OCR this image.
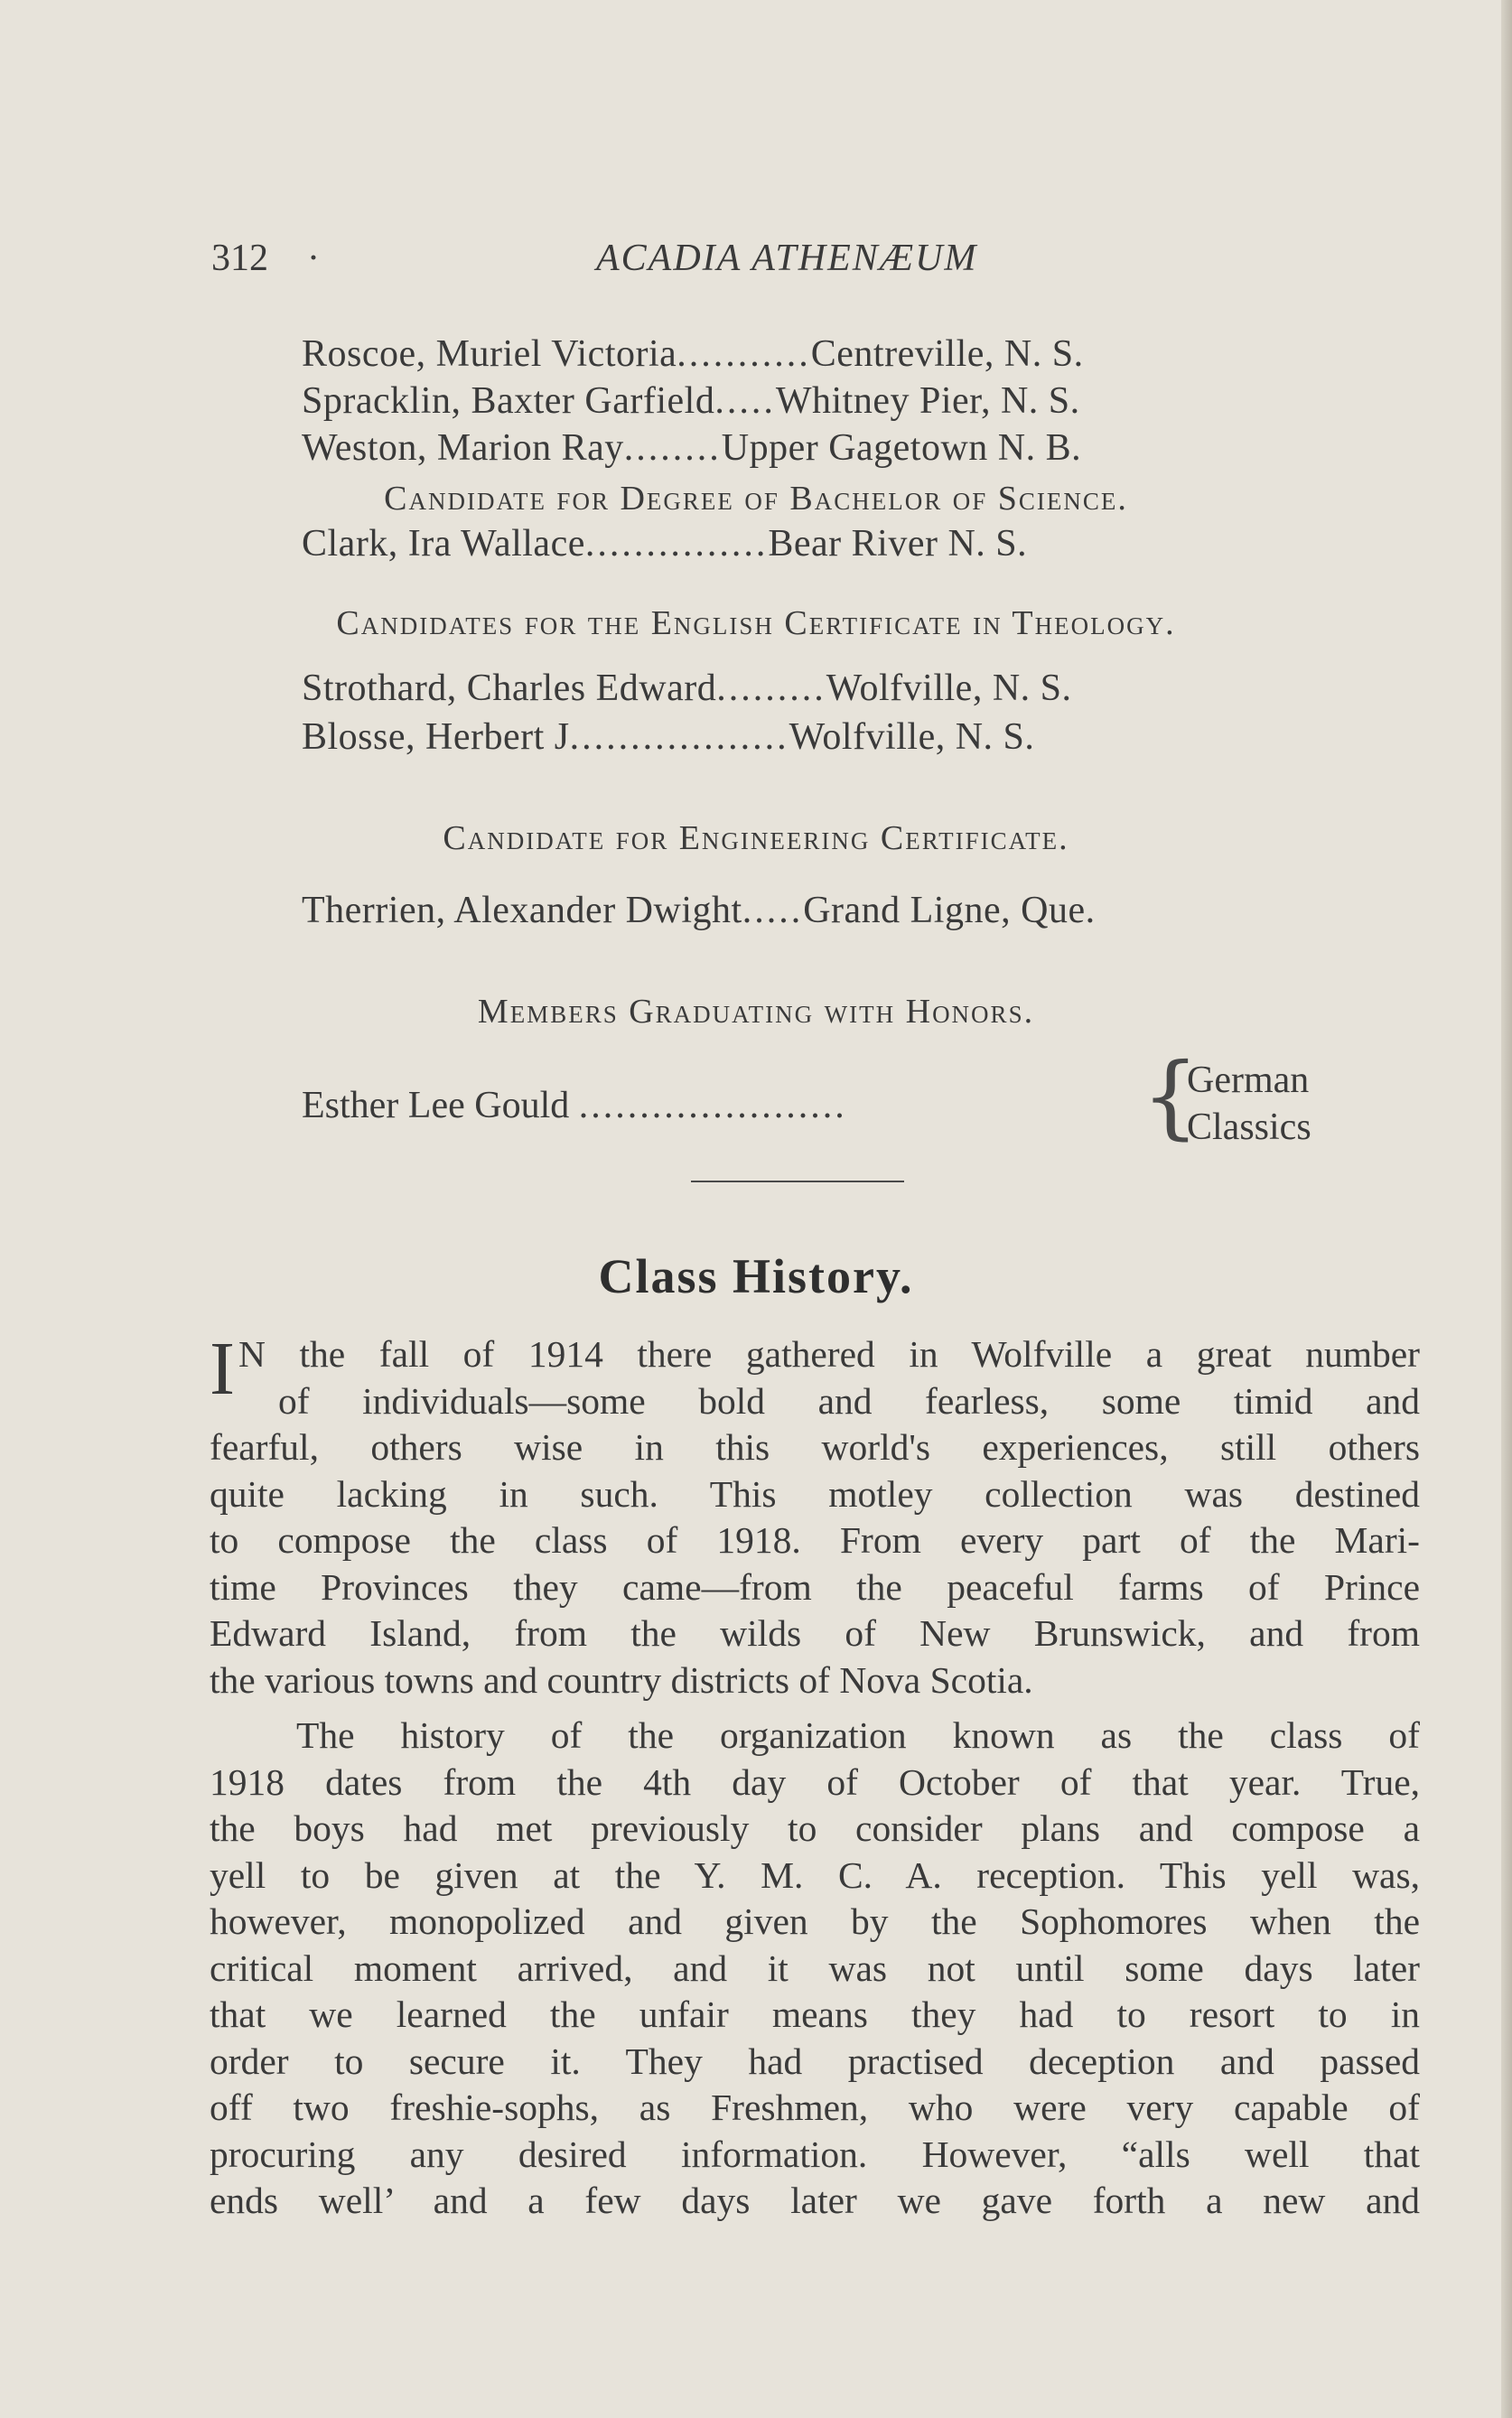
312 ·	ACADIA ATHENÆUM
Roscoe, Muriel Victoria...........Centreville, N. S.
Spracklin, Baxter Garfield.....Whitney Pier, N. S.
Weston, Marion Ray........Upper Gagetown N. B.
Candidate for Degree of Bachelor of Science.
Clark, Ira Wallace...............Bear River N. S.
Candidates for the English Certificate in Theology.
Strothard, Charles Edward.........Wolfville, N. S.
Blosse, Herbert J..................Wolfville, N. S.
Candidate for Engineering Certificate.
Therrien, Alexander Dwight.....Grand Ligne, Que.
Members Graduating with Honors.
Esther Lee Gould ......................	{
German
Classics
Class History.
I N the fall of 1914 there gathered in Wolfville a great number
of individuals—some bold and fearless, some timid and
fearful, others wise in this world's experiences, still others
quite lacking in such. This motley collection was destined
to compose the class of 1918. From every part of the Mari-
time Provinces they came—from the peaceful farms of Prince
Edward Island, from the wilds of New Brunswick, and from
the various towns and country districts of Nova Scotia.
The history of the organization known as the class of
1918 dates from the 4th day of October of that year. True,
the boys had met previously to consider plans and compose a
yell to be given at the Y. M. C. A. reception. This yell was,
however, monopolized and given by the Sophomores when the
critical moment arrived, and it was not until some days later
that we learned the unfair means they had to resort to in
order to secure it. They had practised deception and passed
off two freshie-sophs, as Freshmen, who were very capable of
procuring any desired information. However, “alls well that
ends well’ and a few days later we gave forth a new and
